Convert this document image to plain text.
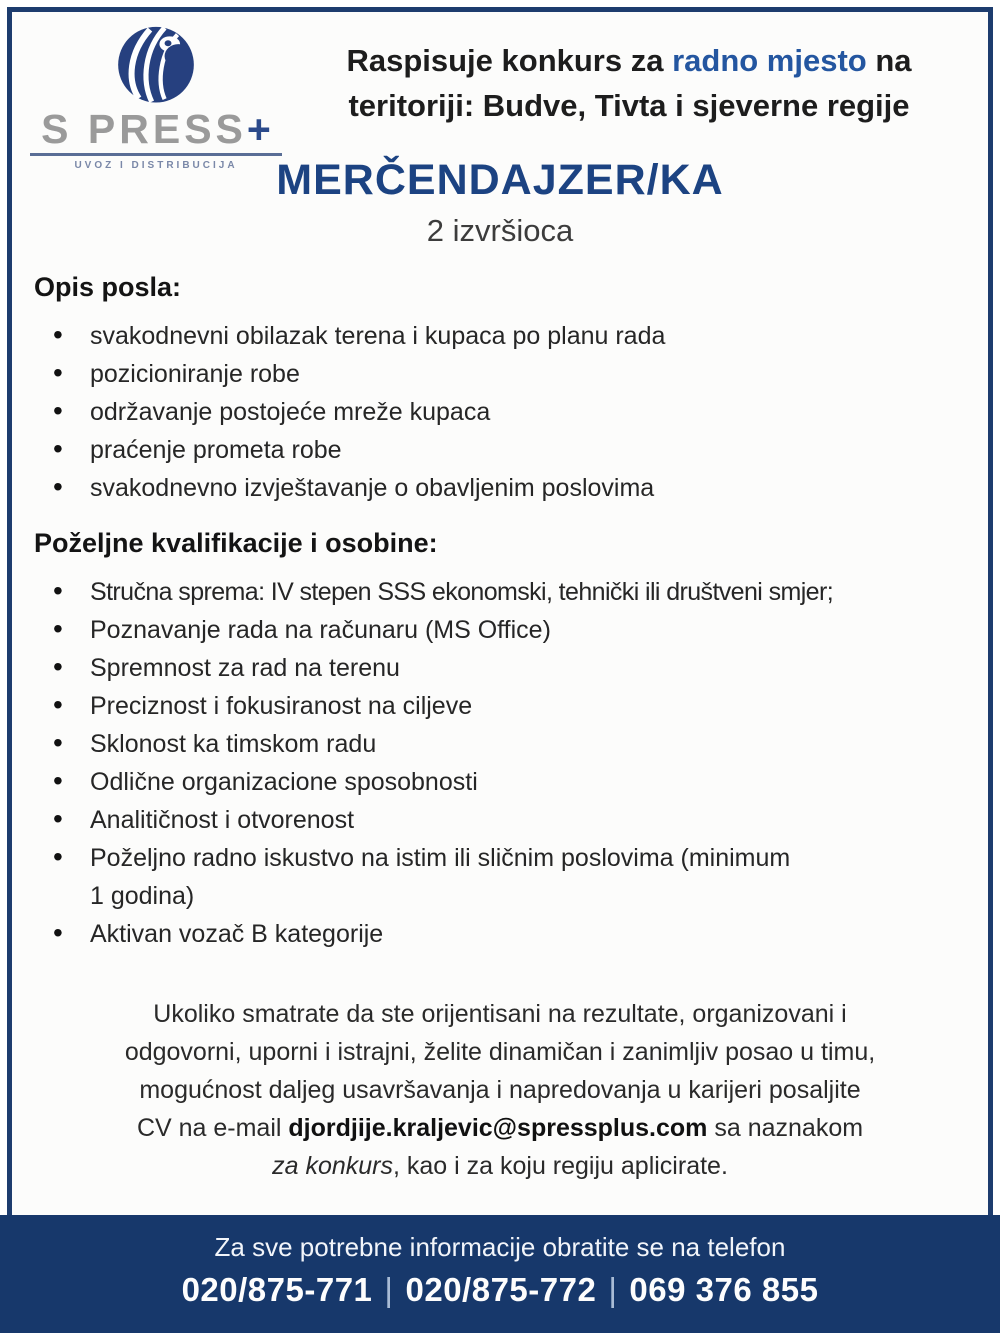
S PRESS+
UVOZ I DISTRIBUCIJA
Raspisuje konkurs za radno mjesto na
teritoriji: Budve, Tivta i sjeverne regije
MERČENDAJZER/KA
2 izvršioca
Opis posla:
• svakodnevni obilazak terena i kupaca po planu rada
• pozicioniranje robe
• održavanje postojeće mreže kupaca
• praćenje prometa robe
• svakodnevno izvještavanje o obavljenim poslovima
Poželjne kvalifikacije i osobine:
• Stručna sprema: IV stepen SSS ekonomski, tehnički ili društveni smjer;
• Poznavanje rada na računaru (MS Office)
• Spremnost za rad na terenu
• Preciznost i fokusiranost na ciljeve
• Sklonost ka timskom radu
• Odlične organizacione sposobnosti
• Analitičnost i otvorenost
• Poželjno radno iskustvo na istim ili sličnim poslovima (minimum 1 godina)
• Aktivan vozač B kategorije
Ukoliko smatrate da ste orijentisani na rezultate, organizovani i
odgovorni, uporni i istrajni, želite dinamičan i zanimljiv posao u timu,
mogućnost daljeg usavršavanja i napredovanja u karijeri posaljite
CV na e-mail djordjije.kraljevic@spressplus.com sa naznakom
za konkurs, kao i za koju regiju aplicirate.
Za sve potrebne informacije obratite se na telefon
020/875-771 | 020/875-772 | 069 376 855
